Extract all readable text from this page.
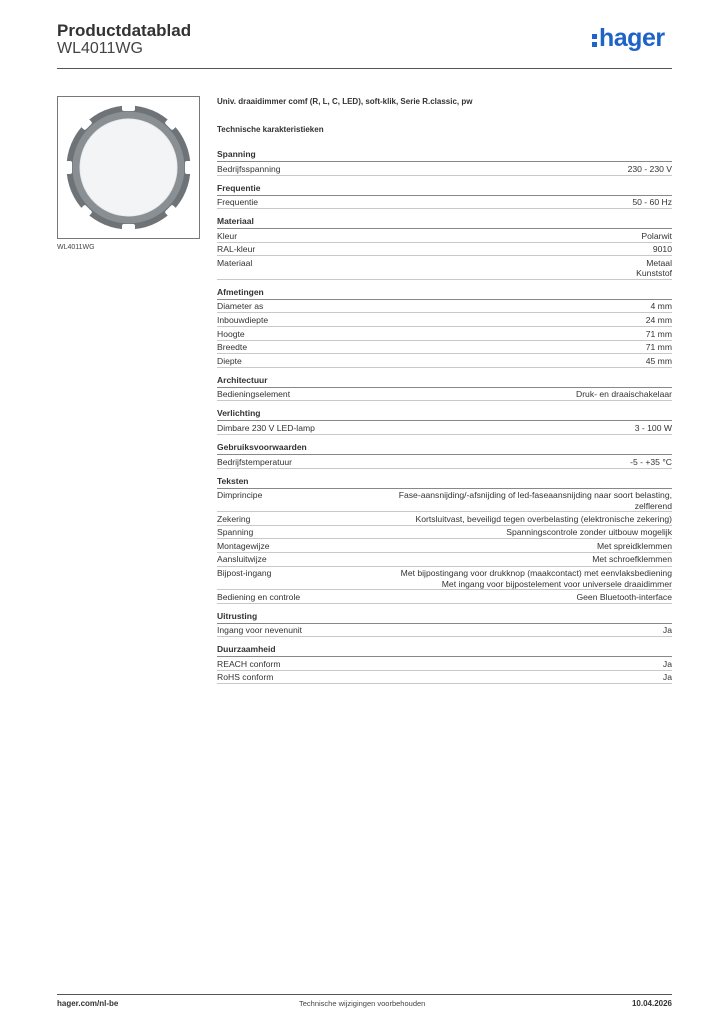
Productdatablad
WL4011WG	hager
WL4011WG
Univ. draaidimmer comf (R, L, C, LED), soft-klik, Serie R.classic, pw
Technische karakteristieken
Spanning
Bedrijfsspanning	230 - 230 V
Frequentie
Frequentie	50 - 60 Hz
Materiaal
Kleur	Polarwit
RAL-kleur	9010
Materiaal	Metaal
Kunststof
Afmetingen
Diameter as	4 mm
Inbouwdiepte	24 mm
Hoogte	71 mm
Breedte	71 mm
Diepte	45 mm
Architectuur
Bedieningselement	Druk- en draaischakelaar
Verlichting
Dimbare 230 V LED-lamp	3 - 100 W
Gebruiksvoorwaarden
Bedrijfstemperatuur	-5 - +35 °C
Teksten
Dimprincipe	Fase-aansnijding/-afsnijding of led-faseaansnijding naar soort belasting,
zelflerend
Zekering	Kortsluitvast, beveiligd tegen overbelasting (elektronische zekering)
Spanning	Spanningscontrole zonder uitbouw mogelijk
Montagewijze	Met spreidklemmen
Aansluitwijze	Met schroefklemmen
Bijpost-ingang	Met bijpostingang voor drukknop (maakcontact) met eenvlaksbediening
Met ingang voor bijpostelement voor universele draaidimmer
Bediening en controle	Geen Bluetooth-interface
Uitrusting
Ingang voor nevenunit	Ja
Duurzaamheid
REACH conform	Ja
RoHS conform	Ja
hager.com/nl-be	Technische wijzigingen voorbehouden	10.04.2026
